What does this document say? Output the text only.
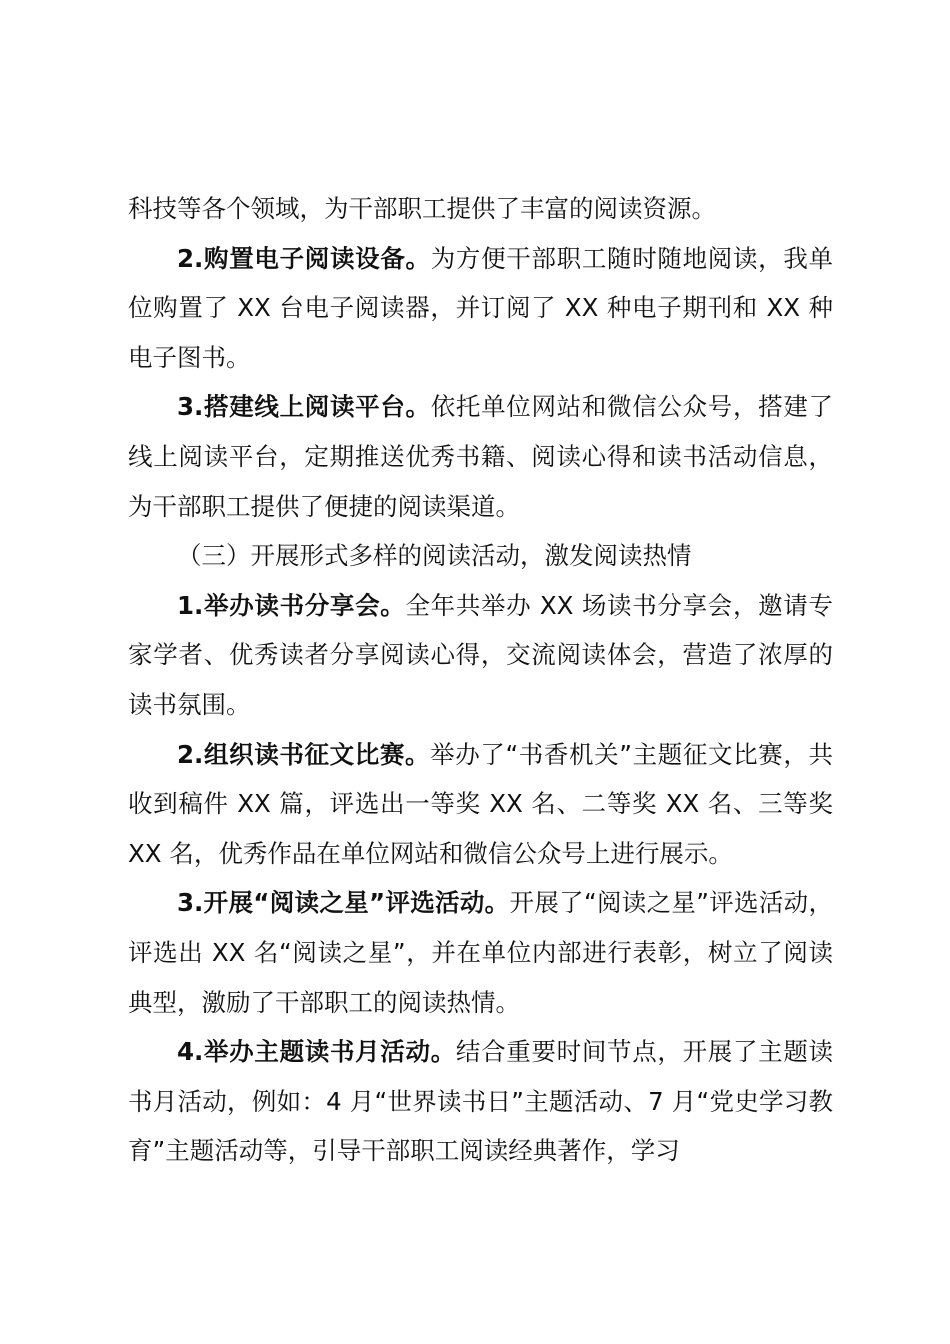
科技等各个领域，为干部职工提供了丰富的阅读资源。

2.购置电子阅读设备。为方便干部职工随时随地阅读，我单位购置了 XX 台电子阅读器，并订阅了 XX 种电子期刊和 XX 种电子图书。

3.搭建线上阅读平台。依托单位网站和微信公众号，搭建了线上阅读平台，定期推送优秀书籍、阅读心得和读书活动信息，为干部职工提供了便捷的阅读渠道。

（三）开展形式多样的阅读活动，激发阅读热情

1.举办读书分享会。全年共举办 XX 场读书分享会，邀请专家学者、优秀读者分享阅读心得，交流阅读体会，营造了浓厚的读书氛围。

2.组织读书征文比赛。举办了“书香机关”主题征文比赛，共收到稿件 XX 篇，评选出一等奖 XX 名、二等奖 XX 名、三等奖 XX 名，优秀作品在单位网站和微信公众号上进行展示。

3.开展“阅读之星”评选活动。开展了“阅读之星”评选活动，评选出 XX 名“阅读之星”，并在单位内部进行表彰，树立了阅读典型，激励了干部职工的阅读热情。

4.举办主题读书月活动。结合重要时间节点，开展了主题读书月活动，例如：4 月“世界读书日”主题活动、7 月“党史学习教育”主题活动等，引导干部职工阅读经典著作，学习
